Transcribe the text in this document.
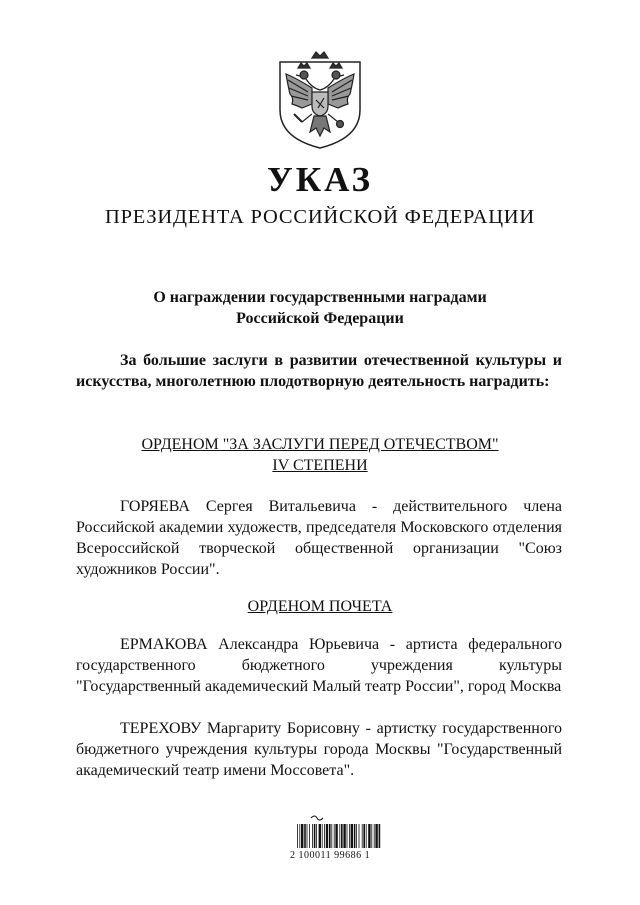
УКАЗ
ПРЕЗИДЕНТА РОССИЙСКОЙ ФЕДЕРАЦИИ
О награждении государственными наградами
Российской Федерации
За большие заслуги в развитии отечественной культуры и искусства, многолетнюю плодотворную деятельность наградить:
ОРДЕНОМ "ЗА ЗАСЛУГИ ПЕРЕД ОТЕЧЕСТВОМ"
IV СТЕПЕНИ
ГОРЯЕВА Сергея Витальевича - действительного члена Российской академии художеств, председателя Московского отделения Всероссийской творческой общественной организации "Союз художников России".
ОРДЕНОМ ПОЧЕТА
ЕРМАКОВА Александра Юрьевича - артиста федерального государственного бюджетного учреждения культуры "Государственный академический Малый театр России", город Москва
ТЕРЕХОВУ Маргариту Борисовну - артистку государственного бюджетного учреждения культуры города Москвы "Государственный академический театр имени Моссовета".
2 100011 99686 1
